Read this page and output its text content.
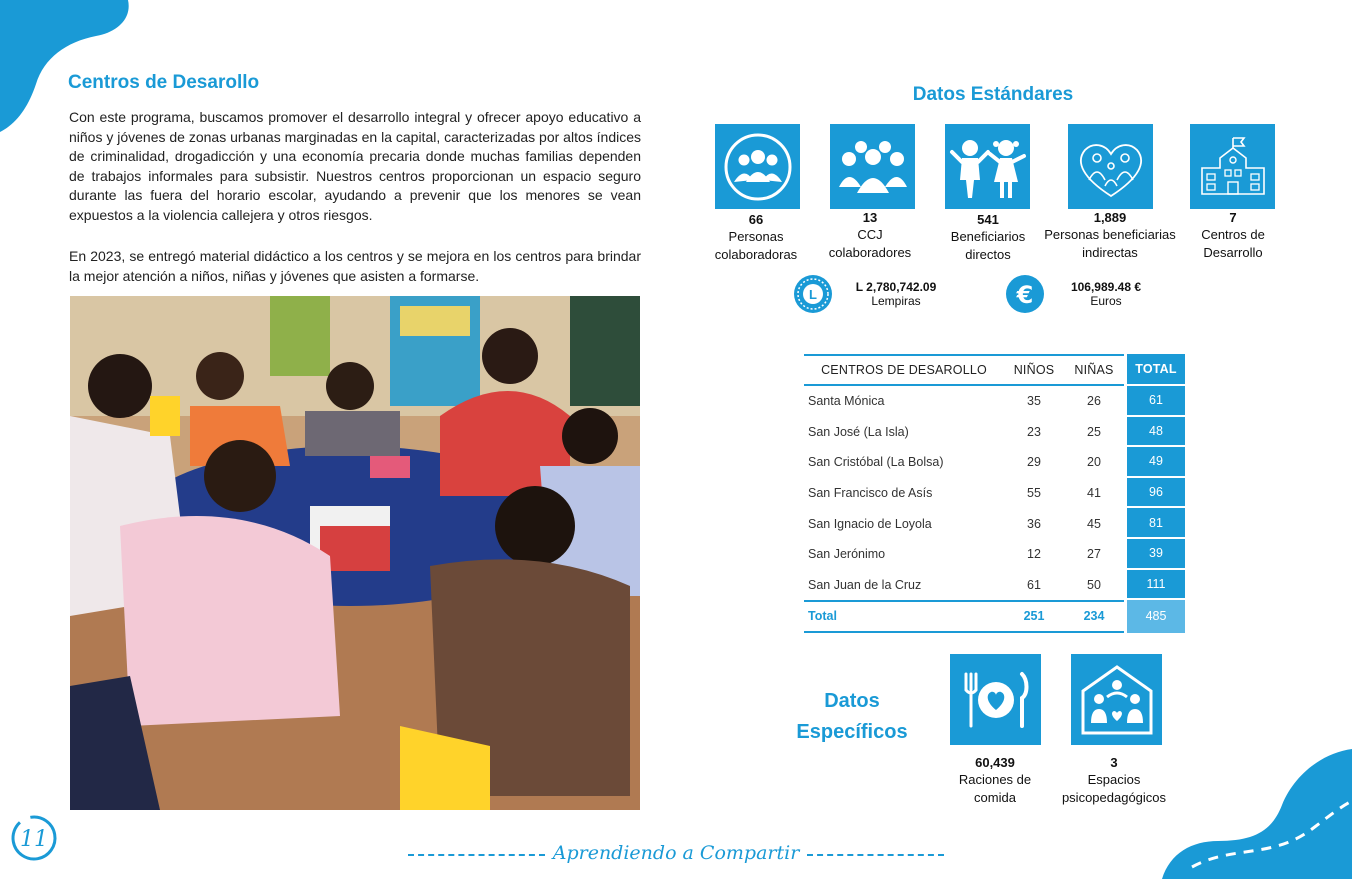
11
Centros de Desarollo

Con este programa, buscamos promover el desarrollo integral y ofrecer apoyo educativo a niños y jóvenes de zonas urbanas marginadas en la capital, caracterizadas por altos índices de criminalidad, drogadicción y una economía precaria donde muchas familias dependen de trabajos informales para subsistir. Nuestros centros proporcionan un espacio seguro durante las fuera del horario escolar, ayudando a prevenir que los menores se vean expuestos a la violencia callejera y otros riesgos.

En 2023, se entregó material didáctico a los centros y se mejora en los centros para brindar la mejor atención a niños, niñas y jóvenes que asisten a formarse.

Datos Estándares
66
Personas
colaboradoras
13
CCJ
colaboradores
541
Beneficiarios
directos
1,889
Personas beneficiarias
indirectas
7
Centros de
Desarrollo
L	L 2,780,742.09
Lempiras	€	106,989.48 €
Euros
CENTROS DE DESAROLLO	NIÑOS	NIÑAS	TOTAL
Santa Mónica	35	26	61
San José (La Isla)	23	25	48
San Cristóbal (La Bolsa)	29	20	49
San Francisco de Asís	55	41	96
San Ignacio de Loyola	36	45	81
San Jerónimo	12	27	39
San Juan de la Cruz	61	50	111
Total	251	234	485
Datos
Específicos
60,439
Raciones de
comida
3
Espacios
psicopedagógicos
Aprendiendo a Compartir
